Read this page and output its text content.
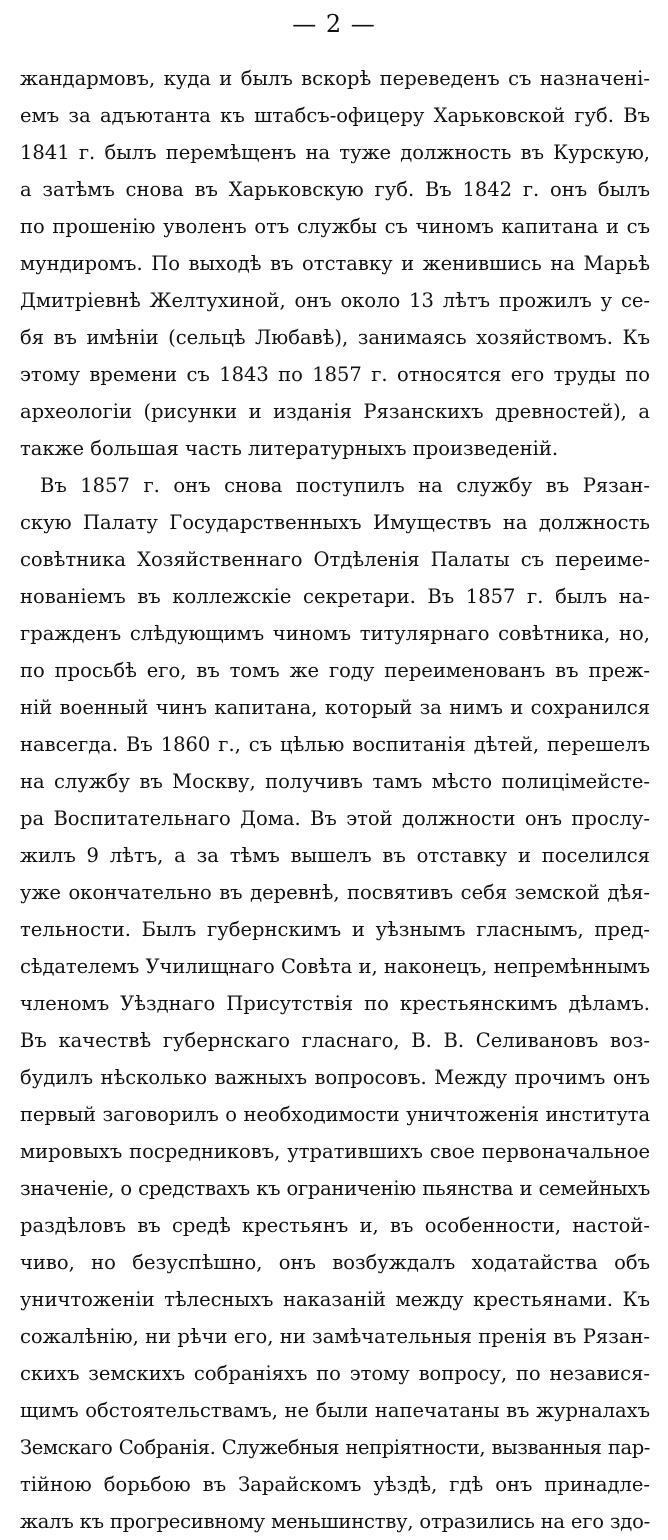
— 2 —
жандармовъ, куда и былъ вскорѣ переведенъ съ назначені-
емъ за адъютанта къ штабсъ-офицеру Харьковской губ. Въ
1841 г. былъ перемѣщенъ на туже должность въ Курскую,
а затѣмъ снова въ Харьковскую губ. Въ 1842 г. онъ былъ
по прошенію уволенъ отъ службы съ чиномъ капитана и съ
мундиромъ. По выходѣ въ отставку и женившись на Марьѣ
Дмитріевнѣ Желтухиной, онъ около 13 лѣтъ прожилъ у се-
бя въ имѣніи (сельцѣ Любавѣ), занимаясь хозяйствомъ. Къ
этому времени съ 1843 по 1857 г. относятся его труды по
археологіи (рисунки и изданія Рязанскихъ древностей), а
также большая часть литературныхъ произведеній.
Въ 1857 г. онъ снова поступилъ на службу въ Рязан-
скую Палату Государственныхъ Имуществъ на должность
совѣтника Хозяйственнаго Отдѣленія Палаты съ переиме-
нованіемъ въ коллежскіе секретари. Въ 1857 г. былъ на-
гражденъ слѣдующимъ чиномъ титулярнаго совѣтника, но,
по просьбѣ его, въ томъ же году переименованъ въ преж-
ній военный чинъ капитана, который за нимъ и сохранился
навсегда. Въ 1860 г., съ цѣлью воспитанія дѣтей, перешелъ
на службу въ Москву, получивъ тамъ мѣсто полицімейсте-
ра Воспитательнаго Дома. Въ этой должности онъ прослу-
жилъ 9 лѣтъ, а за тѣмъ вышелъ въ отставку и поселился
уже окончательно въ деревнѣ, посвятивъ себя земской дѣя-
тельности. Былъ губернскимъ и уѣзнымъ гласнымъ, пред-
сѣдателемъ Училищнаго Совѣта и, наконецъ, непремѣннымъ
членомъ Уѣзднаго Присутствія по крестьянскимъ дѣламъ.
Въ качествѣ губернскаго гласнаго, В. В. Селивановъ воз-
будилъ нѣсколько важныхъ вопросовъ. Между прочимъ онъ
первый заговорилъ о необходимости уничтоженія института
мировыхъ посредниковъ, утратившихъ свое первоначальное
значеніе, о средствахъ къ ограниченію пьянства и семейныхъ
раздѣловъ въ средѣ крестьянъ и, въ особенности, настой-
чиво, но безуспѣшно, онъ возбуждалъ ходатайства объ
уничтоженіи тѣлесныхъ наказаній между крестьянами. Къ
сожалѣнію, ни рѣчи его, ни замѣчательныя пренія въ Рязан-
скихъ земскихъ собраніяхъ по этому вопросу, по независя-
щимъ обстоятельствамъ, не были напечатаны въ журналахъ
Земскаго Собранія. Служебныя непріятности, вызванныя пар-
тійною борьбою въ Зарайскомъ уѣздѣ, гдѣ онъ принадле-
жалъ къ прогресивному меньшинству, отразились на его здо-
